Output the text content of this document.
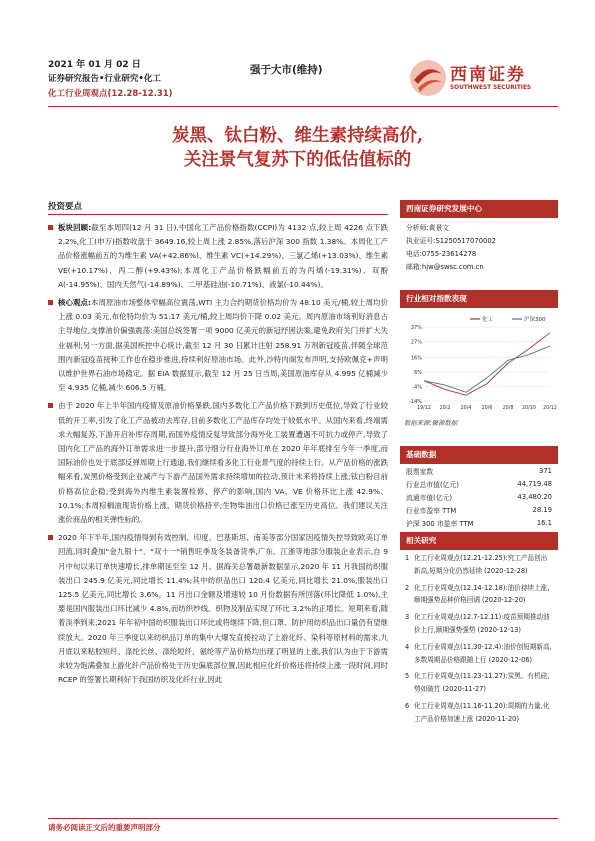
2021 年 01 月 02 日
证券研究报告•行业研究•化工
化工行业周观点(12.28-12.31)
强于大市(维持)	西南证券
SOUTHWEST SECURITIES
炭黑、钛白粉、维生素持续高价,
关注景气复苏下的低估值标的
投资要点
板块回顾:截至本周四(12 月 31 日),中国化工产品价格指数(CCPI)为 4132 点,较上周 4226 点下跌 2.2%,化工(申万)指数收盘于 3649.16,较上周上涨 2.85%,落后沪深 300 指数 1.38%。本周化工产品价格涨幅前五的为维生素 VA(+42.86%)、维生素 VC(+14.29%)、三氯乙烯(+13.03%)、维生素 VE(+10.17%)、丙二醇(+9.43%);本周化工产品价格跌幅前五的为丙烯(-19.31%)、双酚 A(-14.95%)、国内天然气(-14.89%)、二甲基硅油(-10.71%)、液氯(-10.44%)。
核心观点:本周原油市场整体窄幅高位震荡,WTI 主力合约期货价格均价为 48.10 美元/桶,较上周均价上涨 0.03 美元,布伦特均价为 51.17 美元/桶,较上周均价下降 0.02 美元。周内原油市场利好消息占主导地位,支撑油价偏强震荡:美国总统签署一项 9000 亿美元的新冠纾困法案,避免政府关门并扩大失业福利;另一方面,据美国疾控中心统计,截至 12 月 30 日累计注射 258.91 万剂新冠疫苗,伴随全球范围内新冠疫苗接种工作也在稳步推进,持续利好原油市场。此外,沙特内阁发布声明,支持欧佩克+声明以维护世界石油市场稳定。据 EIA 数据显示,截至 12 月 25 日当周,美国原油库存从 4.995 亿桶减少至 4.935 亿桶,减少 606.5 万桶。
由于 2020 年上半年国内疫情及原油价格暴跌,国内多数化工产品价格下跌到历史低位,导致了行业较低的开工率,引发了化工产品被动去库存,目前多数化工产品库存均处于较低水平。从国内来看,终端需求大幅复苏,下游开启补库存周期,而国外疫情反复导致部分海外化工装置遭遇不可抗力或停产,导致了国内化工产品的海外订单需求进一步提升,部分细分行业海外订单在 2020 年年底排至今年一季度,而国际油价也处于底部反弹周期上行通道,我们继续看多化工行业景气度的持续上行。从产品价格的涨跌幅来看,炭黑价格受到企业减产与下游产品国外需求持续增加的拉动,预计未来将持续上涨;钛白粉目前价格高位企稳;受到海外内维生素装置检修、停产的影响,国内 VA、VE 价格环比上涨 42.9%、10.1%;本周棕榈油现货价格上涨、期货价格持平;生物柴油出口价格已涨至历史高位。我们建议关注涨价商品的相关弹性标的。
2020 年下半年,国内疫情得到有效控制、印度、巴基斯坦、南美等部分国家因疫情失控导致欧美订单回流,同时叠加"金九银十"、"双十一"销售旺季及冬装备货季,广东、江浙等地部分服装企业表示,自 9 月中旬以来订单快速增长,排单期延至至 12 月。据海关总署最新数据显示,2020 年 11 月我国纺织服装出口 245.9 亿美元,同比增长 11.4%;其中纺织品出口 120.4 亿美元,同比增长 21.0%,服装出口 125.5 亿美元,同比增长 3.6%。11 月出口金额及增速较 10 月份数据有所回落(环比降低 1.0%),主要是国内服装出口环比减少 4.8%,而纺织纱线、织物及制品实现了环比 3.2%的正增长。短期来看,随着淡季到来,2021 年年初中国纺织服装出口环比或将继续下降,但口罩、防护用纺织品出口量仍有望继续放大。2020 年三季度以来纺织品订单的集中大爆发直接拉动了上游化纤、染料等原材料的需求,九月底以来粘胶短纤、涤纶长丝、涤纶短纤、氨纶等产品价格均出现了明显的上涨,我们认为由于下游需求较为饱满叠加上游化纤产品价格处于历史偏底部位置,因此相应化纤价格还将持续上涨一段时间,同时 RCEP 的签署长期利好于我国纺织及化纤行业,因此
西南证券研究发展中心
分析师:黄景文
执业证号:S1250517070002
电话:0755-23614278
邮箱:hjw@swsc.com.cn
行业相对指数表现
37%
27%
16%
6%
-4%
-14%
19/12 20/2 20/4 20/6 20/8 20/10 20/12
化工	沪深300
数据来源:聚源数据
基础数据
股票家数	371
行业总市值(亿元)	44,719.48
流通市值(亿元)	43,480.20
行业市盈率 TTM	28.19
沪深 300 市盈率 TTM	16.1
相关研究
1 化工行业周观点(12.21-12.25):究工产品创出新高,短期分化仍然延续 (2020-12-28)
2 化工行业周观点(12.14-12.18):油价持续上涨,顺期强势品种价格回调 (2020-12-20)
3 化工行业周观点(12.7-12.11):疫苗预期推动油价上行,顺期强势强势 (2020-12-13)
4 化工行业周观点(11.30-12.4):油价创短期新高,多数周期品价格跟随上行 (2020-12-06)
5 化工行业周观点(11.23-11.27):炭黑、有机硅,势如破竹 (2020-11-27)
6 化工行业周观点(11.16-11.20):周期的力量,化工产品价格加速上涨 (2020-11-20)
请务必阅读正文后的重要声明部分
